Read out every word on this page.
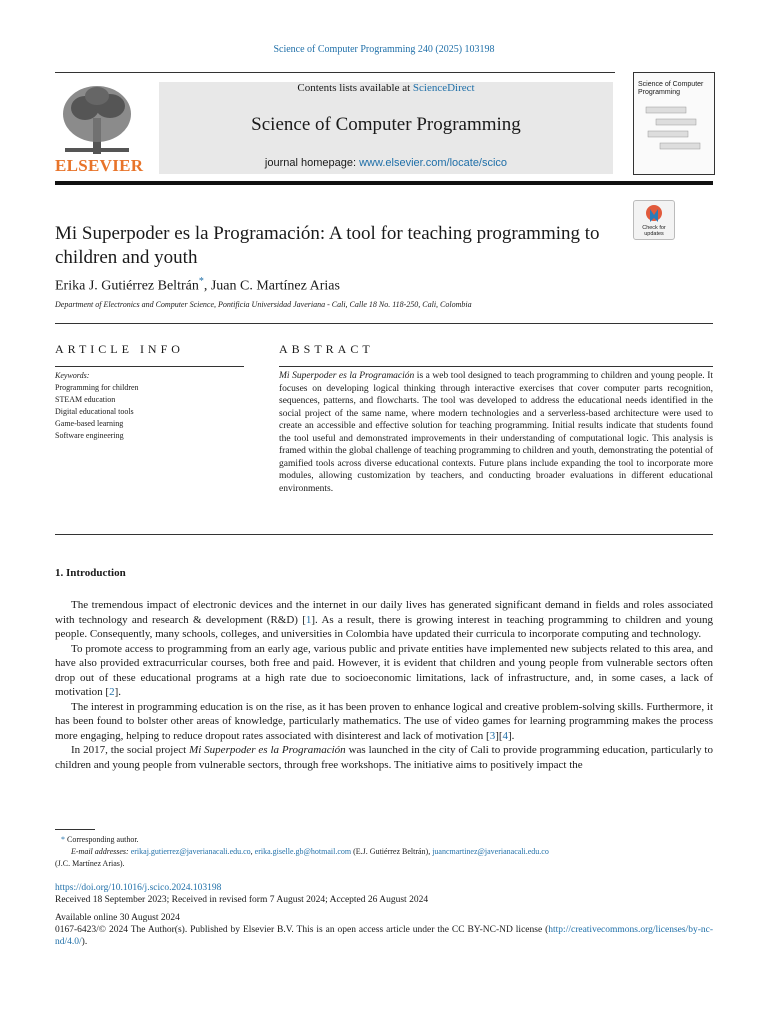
Science of Computer Programming 240 (2025) 103198
ELSEVIER
Contents lists available at ScienceDirect
Science of Computer Programming
journal homepage: www.elsevier.com/locate/scico
Science of Computer Programming
Check for updates
Mi Superpoder es la Programación: A tool for teaching programming to children and youth
Erika J. Gutiérrez Beltrán*, Juan C. Martínez Arias
Department of Electronics and Computer Science, Pontificia Universidad Javeriana - Cali, Calle 18 No. 118-250, Cali, Colombia
ARTICLE INFO
Keywords:
Programming for children
STEAM education
Digital educational tools
Game-based learning
Software engineering
ABSTRACT
Mi Superpoder es la Programación is a web tool designed to teach programming to children and young people. It focuses on developing logical thinking through interactive exercises that cover computer parts recognition, sequences, patterns, and flowcharts. The tool was developed to address the educational needs identified in the social project of the same name, where modern technologies and a serverless-based architecture were used to create an accessible and effective solution for teaching programming. Initial results indicate that students found the tool useful and demonstrated improvements in their understanding of computational logic. This analysis is framed within the global challenge of teaching programming to children and youth, demonstrating the potential of gamified tools across diverse educational contexts. Future plans include expanding the tool to incorporate more modules, allowing customization by teachers, and conducting broader evaluations in different educational environments.
1. Introduction

The tremendous impact of electronic devices and the internet in our daily lives has generated significant demand in fields and roles associated with technology and research & development (R&D) [1]. As a result, there is growing interest in teaching programming to children and young people. Consequently, many schools, colleges, and universities in Colombia have updated their curricula to incorporate computing and technology.

To promote access to programming from an early age, various public and private entities have implemented new subjects related to this area, and have also provided extracurricular courses, both free and paid. However, it is evident that children and young people from vulnerable sectors often drop out of these educational programs at a high rate due to socioeconomic limitations, lack of infrastructure, and, in some cases, a lack of motivation [2].

The interest in programming education is on the rise, as it has been proven to enhance logical and creative problem-solving skills. Furthermore, it has been found to bolster other areas of knowledge, particularly mathematics. The use of video games for learning programming makes the process more engaging, helping to reduce dropout rates associated with disinterest and lack of motivation [3][4].

In 2017, the social project Mi Superpoder es la Programación was launched in the city of Cali to provide programming education, particularly to children and young people from vulnerable sectors, through free workshops. The initiative aims to positively impact the

* Corresponding author.
E-mail addresses: erikaj.gutierrez@javerianacali.edu.co, erika.giselle.gb@hotmail.com (E.J. Gutiérrez Beltrán), juancmartinez@javerianacali.edu.co
(J.C. Martínez Arias).
https://doi.org/10.1016/j.scico.2024.103198
Received 18 September 2023; Received in revised form 7 August 2024; Accepted 26 August 2024
Available online 30 August 2024
0167-6423/© 2024 The Author(s). Published by Elsevier B.V. This is an open access article under the CC BY-NC-ND license (http://creativecommons.org/licenses/by-nc-nd/4.0/).
